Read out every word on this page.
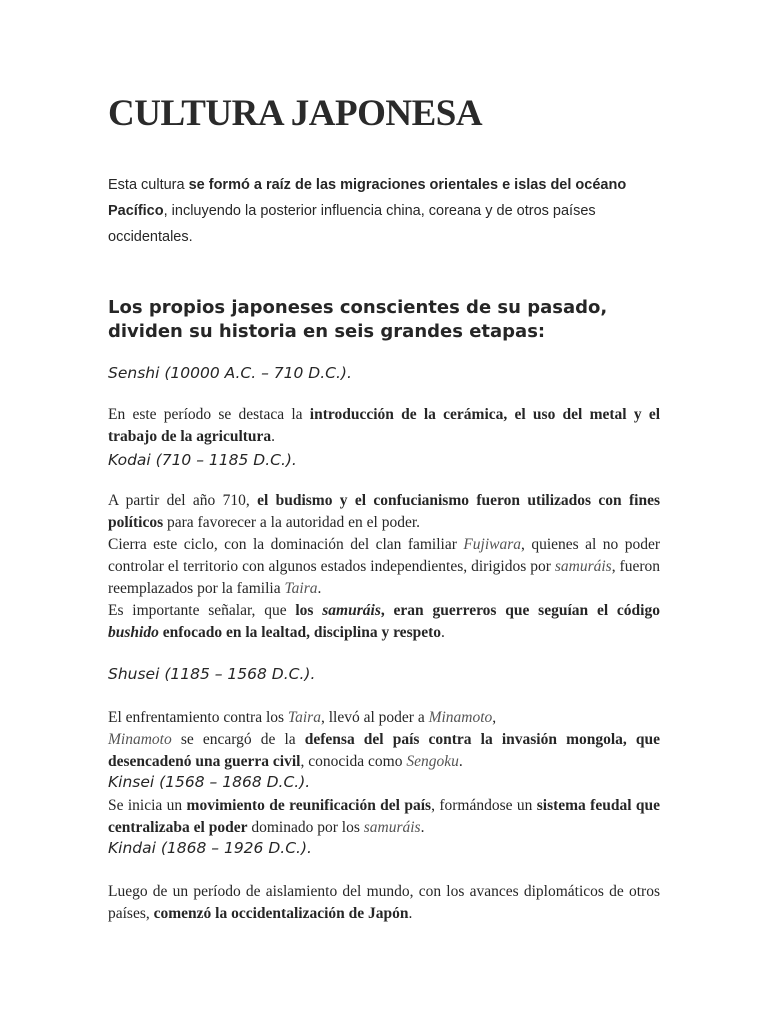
CULTURA JAPONESA

Esta cultura se formó a raíz de las migraciones orientales e islas del océano Pacífico, incluyendo la posterior influencia china, coreana y de otros países occidentales.

Los propios japoneses conscientes de su pasado, dividen su historia en seis grandes etapas:

Senshi (10000 A.C. – 710 D.C.).

En este período se destaca la introducción de la cerámica, el uso del metal y el trabajo de la agricultura.

Kodai (710 – 1185 D.C.).

A partir del año 710, el budismo y el confucianismo fueron utilizados con fines políticos para favorecer a la autoridad en el poder.

Cierra este ciclo, con la dominación del clan familiar Fujiwara, quienes al no poder controlar el territorio con algunos estados independientes, dirigidos por samuráis, fueron reemplazados por la familia Taira.

Es importante señalar, que los samuráis, eran guerreros que seguían el código bushido enfocado en la lealtad, disciplina y respeto.

Shusei (1185 – 1568 D.C.).

El enfrentamiento contra los Taira, llevó al poder a Minamoto,
Minamoto se encargó de la defensa del país contra la invasión mongola, que desencadenó una guerra civil, conocida como Sengoku.

Kinsei (1568 – 1868 D.C.).

Se inicia un movimiento de reunificación del país, formándose un sistema feudal que centralizaba el poder dominado por los samuráis.

Kindai (1868 – 1926 D.C.).

Luego de un período de aislamiento del mundo, con los avances diplomáticos de otros países, comenzó la occidentalización de Japón.
